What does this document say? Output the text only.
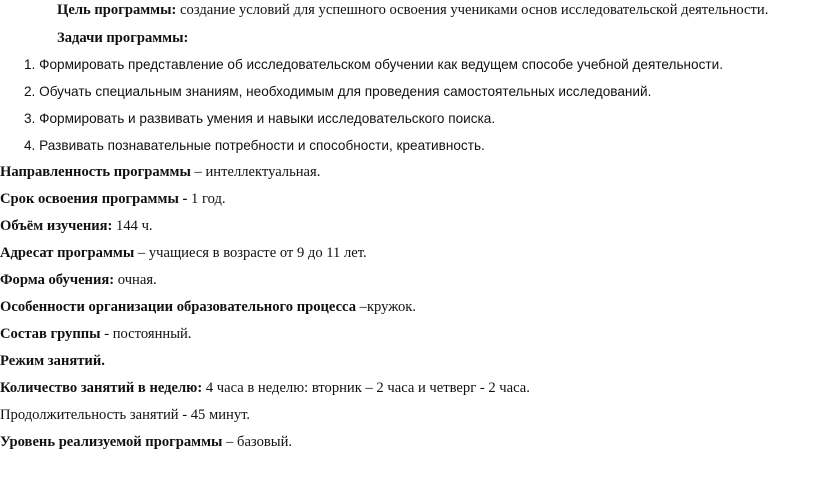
Цель программы: создание условий для успешного освоения учениками основ исследовательской деятельности.
Задачи программы:
1. Формировать представление об исследовательском обучении как ведущем способе учебной деятельности.
2. Обучать специальным знаниям, необходимым для проведения самостоятельных исследований.
3. Формировать и развивать умения и навыки исследовательского поиска.
4. Развивать познавательные потребности и способности, креативность.
Направленность программы – интеллектуальная.
Срок освоения программы - 1 год.
Объём изучения: 144 ч.
Адресат программы – учащиеся в возрасте от 9 до 11 лет.
Форма обучения: очная.
Особенности организации образовательного процесса –кружок.
Состав группы - постоянный.
Режим занятий.
Количество занятий в неделю: 4 часа в неделю: вторник – 2 часа и четверг - 2 часа.
Продолжительность занятий - 45 минут.
Уровень реализуемой программы – базовый.
